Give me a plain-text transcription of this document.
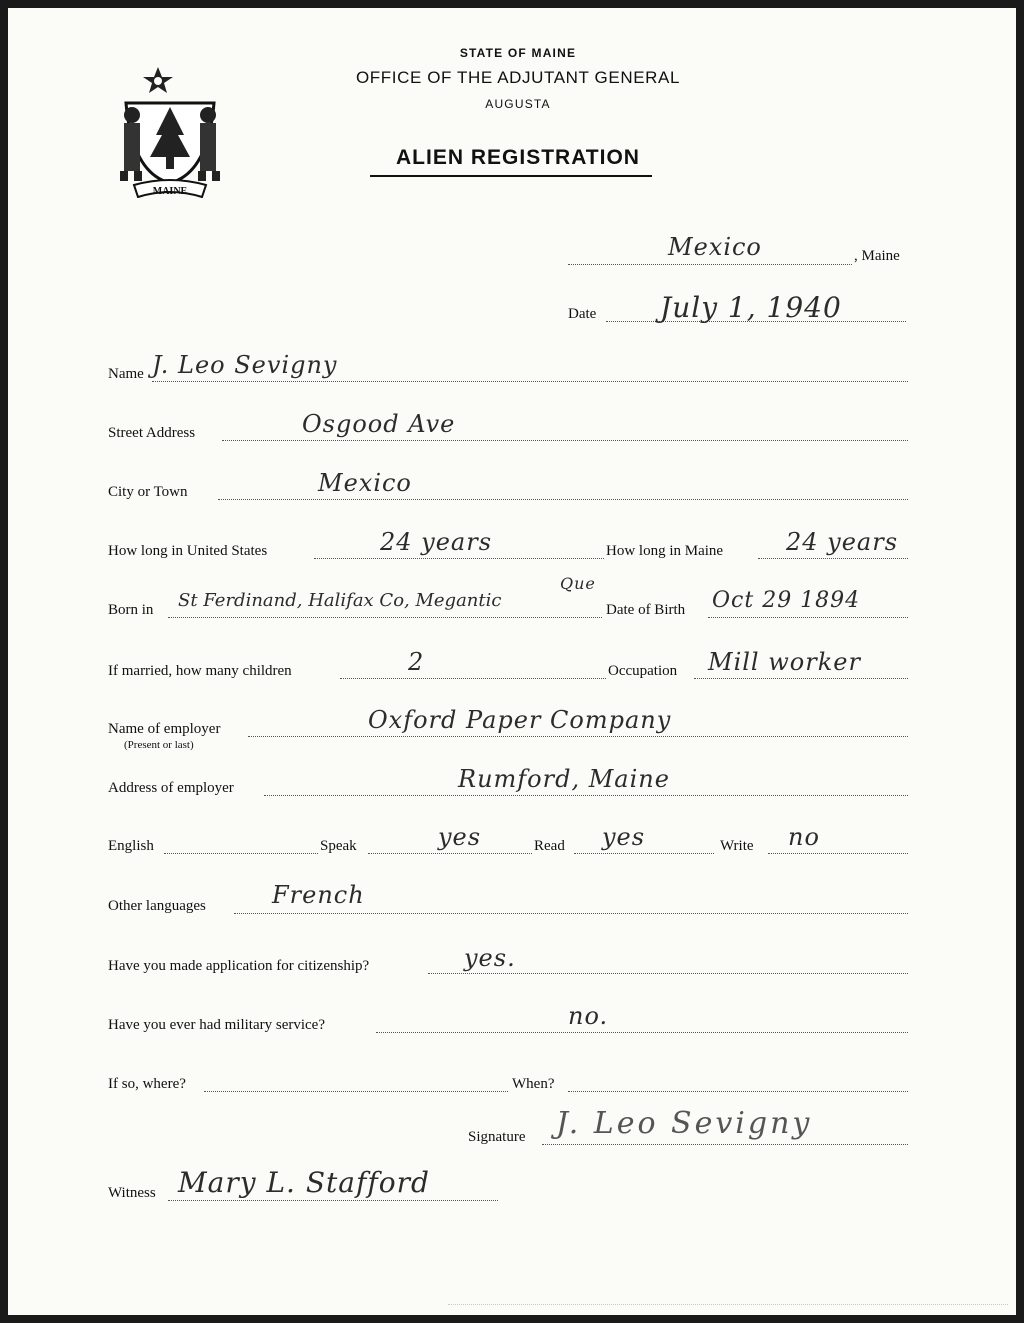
MAINE
STATE OF MAINE
OFFICE OF THE ADJUTANT GENERAL
AUGUSTA
ALIEN REGISTRATION
Mexico	, Maine
Date July 1, 1940
Name J. Leo Sevigny
Street Address	Osgood Ave
City or Town	Mexico
How long in United States	24 years	How long in Maine	24 years
Born in St Ferdinand, Halifax Co, Megantic
Que
Date of Birth Oct 29 1894
If married, how many children	2	Occupation Mill worker
Name of employer
(Present or last)
Oxford Paper Company
Address of employer	Rumford, Maine
English	Speak	yes	Read yes	Write no
Other languages	French
Have you made application for citizenship?	yes.
Have you ever had military service?	no.
If so, where?	When?
Signature J. Leo Sevigny
Witness Mary L. Stafford
